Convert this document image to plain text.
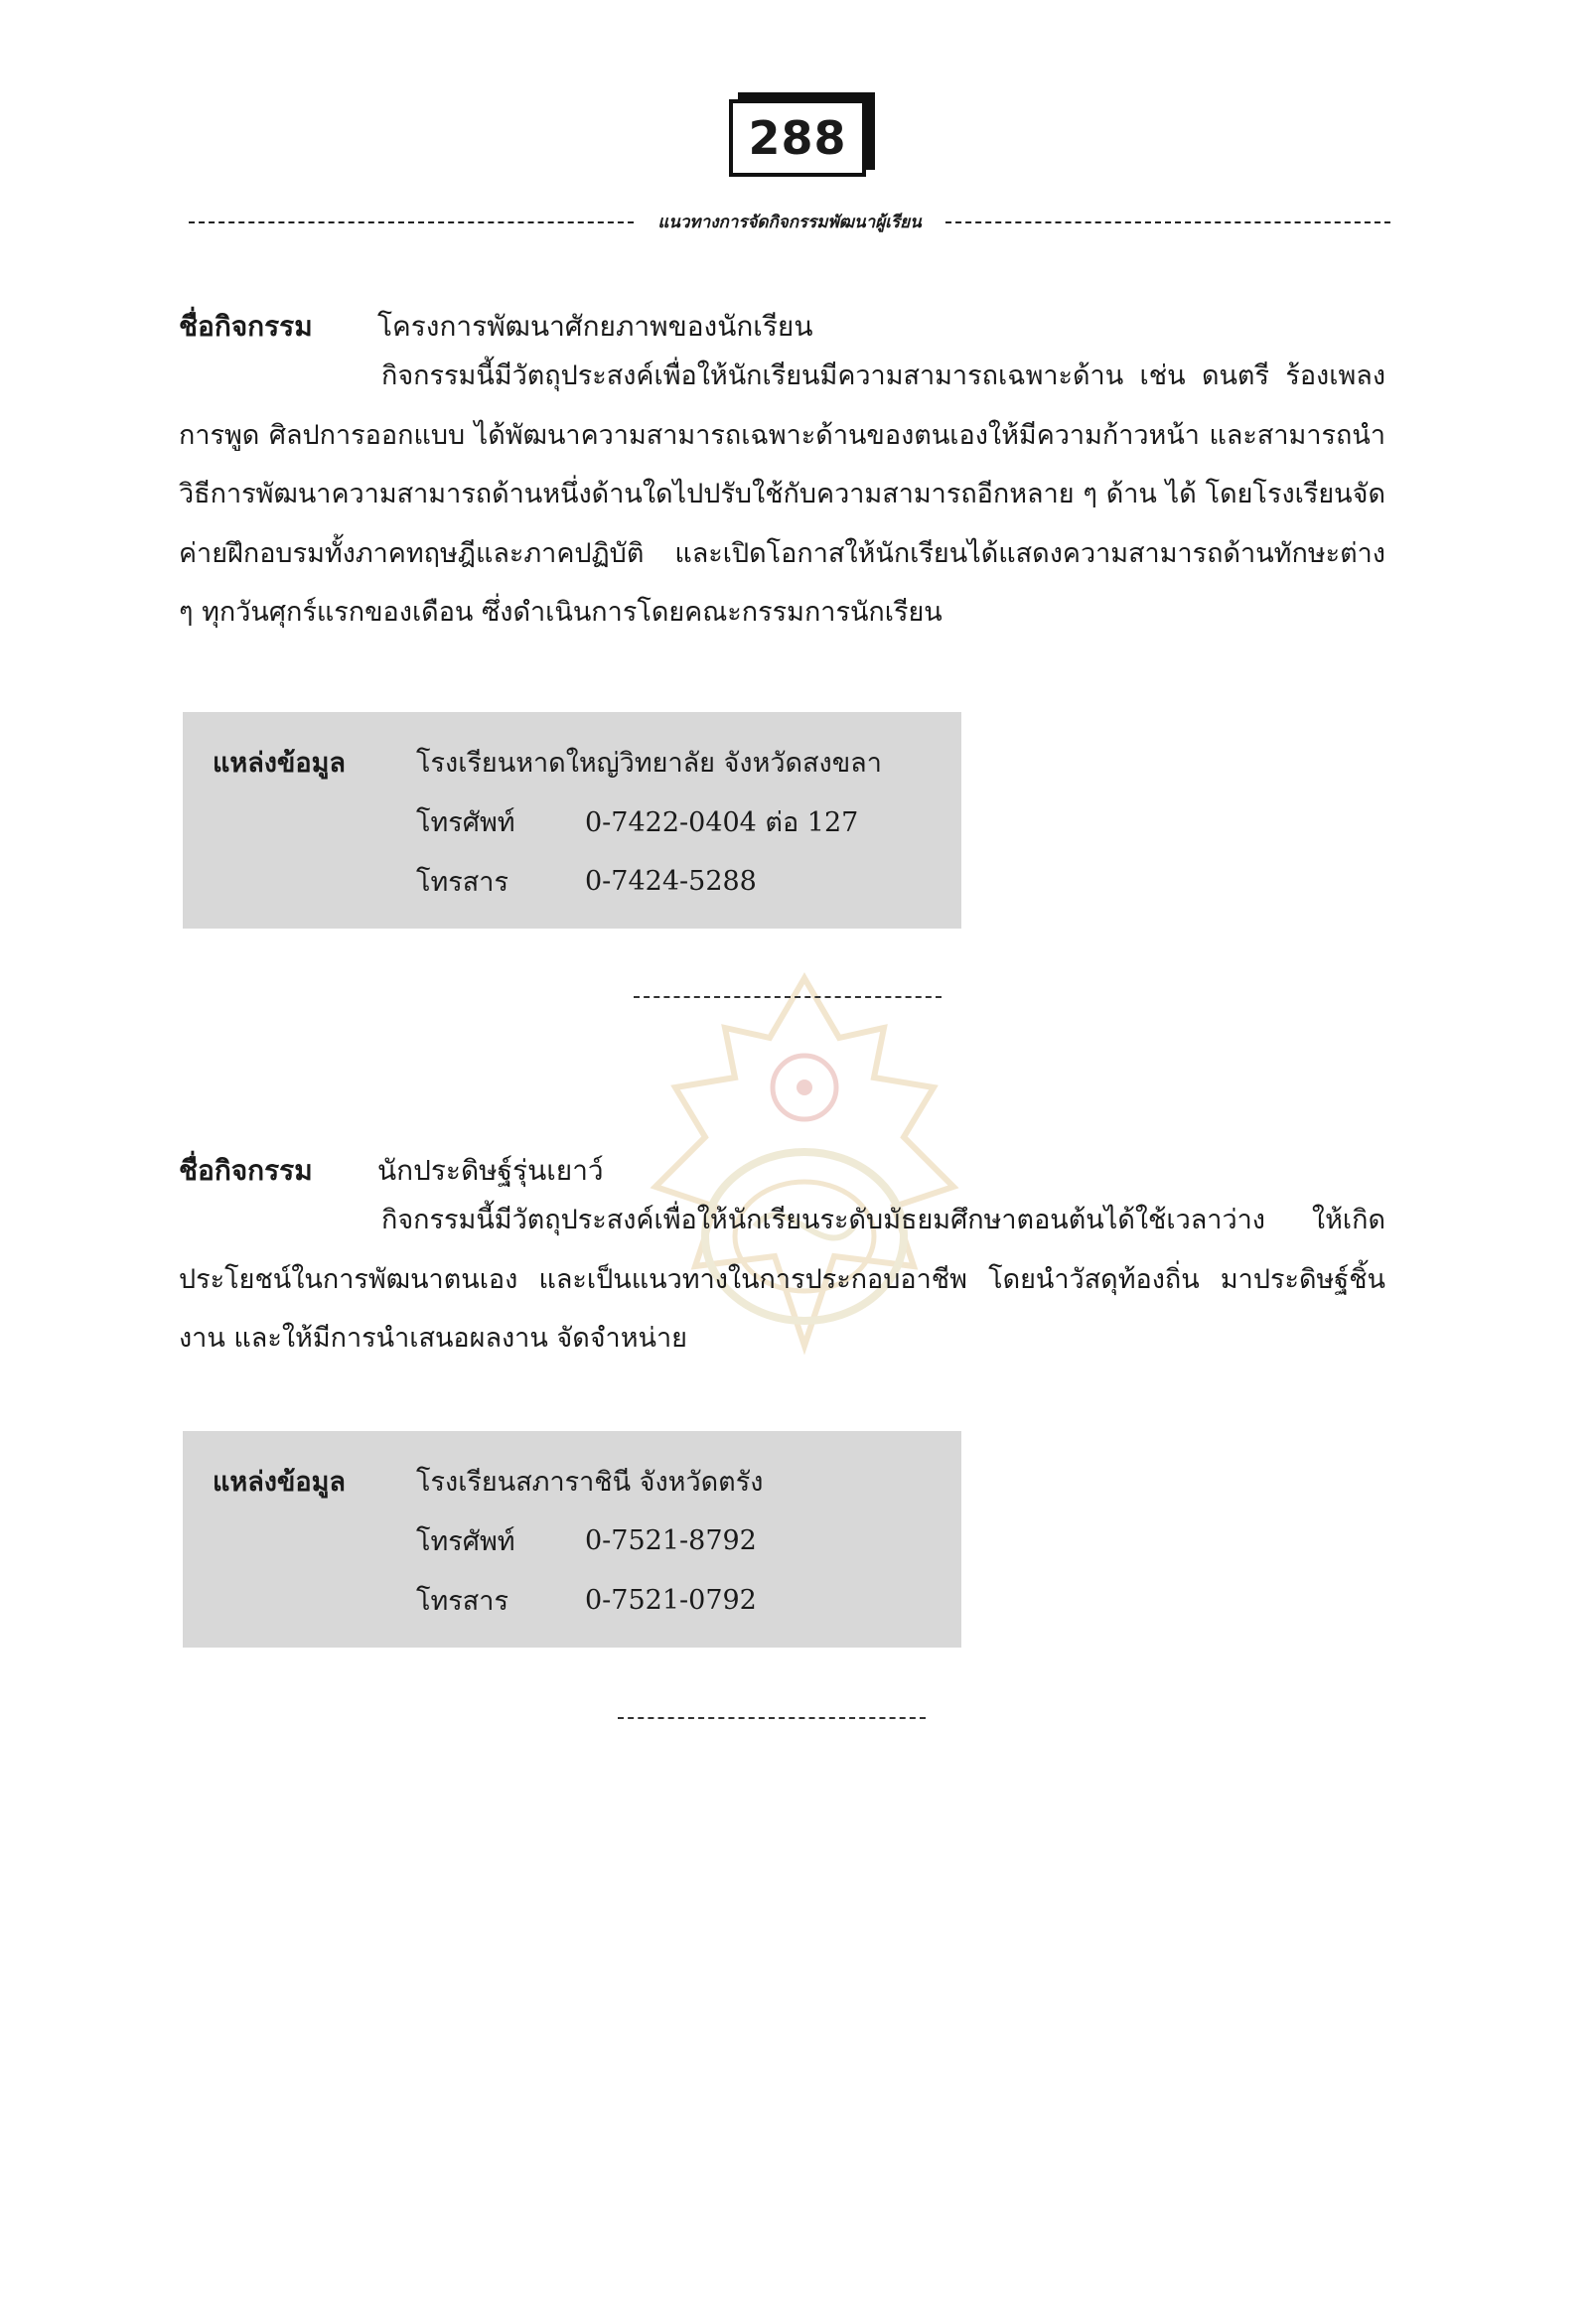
288
แนวทางการจัดกิจกรรมพัฒนาผู้เรียน
ชื่อกิจกรรม	โครงการพัฒนาศักยภาพของนักเรียน

กิจกรรมนี้มีวัตถุประสงค์เพื่อให้นักเรียนมีความสามารถเฉพาะด้าน เช่น ดนตรี ร้องเพลง การพูด ศิลปการออกแบบ ได้พัฒนาความสามารถเฉพาะด้านของตนเองให้มีความก้าวหน้า และสามารถนำวิธีการพัฒนาความสามารถด้านหนึ่งด้านใดไปปรับใช้กับความสามารถอีกหลาย ๆ ด้าน ได้ โดยโรงเรียนจัดค่ายฝึกอบรมทั้งภาคทฤษฎีและภาคปฏิบัติ และเปิดโอกาสให้นักเรียนได้แสดงความสามารถด้านทักษะต่าง ๆ ทุกวันศุกร์แรกของเดือน ซึ่งดำเนินการโดยคณะกรรมการนักเรียน

แหล่งข้อมูล	โรงเรียนหาดใหญ่วิทยาลัย จังหวัดสงขลา
โทรศัพท์	0-7422-0404 ต่อ 127
โทรสาร	0-7424-5288
ชื่อกิจกรรม	นักประดิษฐ์รุ่นเยาว์

กิจกรรมนี้มีวัตถุประสงค์เพื่อให้นักเรียนระดับมัธยมศึกษาตอนต้นได้ใช้เวลาว่าง ให้เกิดประโยชน์ในการพัฒนาตนเอง และเป็นแนวทางในการประกอบอาชีพ โดยนำวัสดุท้องถิ่น มาประดิษฐ์ชิ้นงาน และให้มีการนำเสนอผลงาน จัดจำหน่าย

แหล่งข้อมูล	โรงเรียนสภาราชินี จังหวัดตรัง
โทรศัพท์	0-7521-8792
โทรสาร	0-7521-0792
